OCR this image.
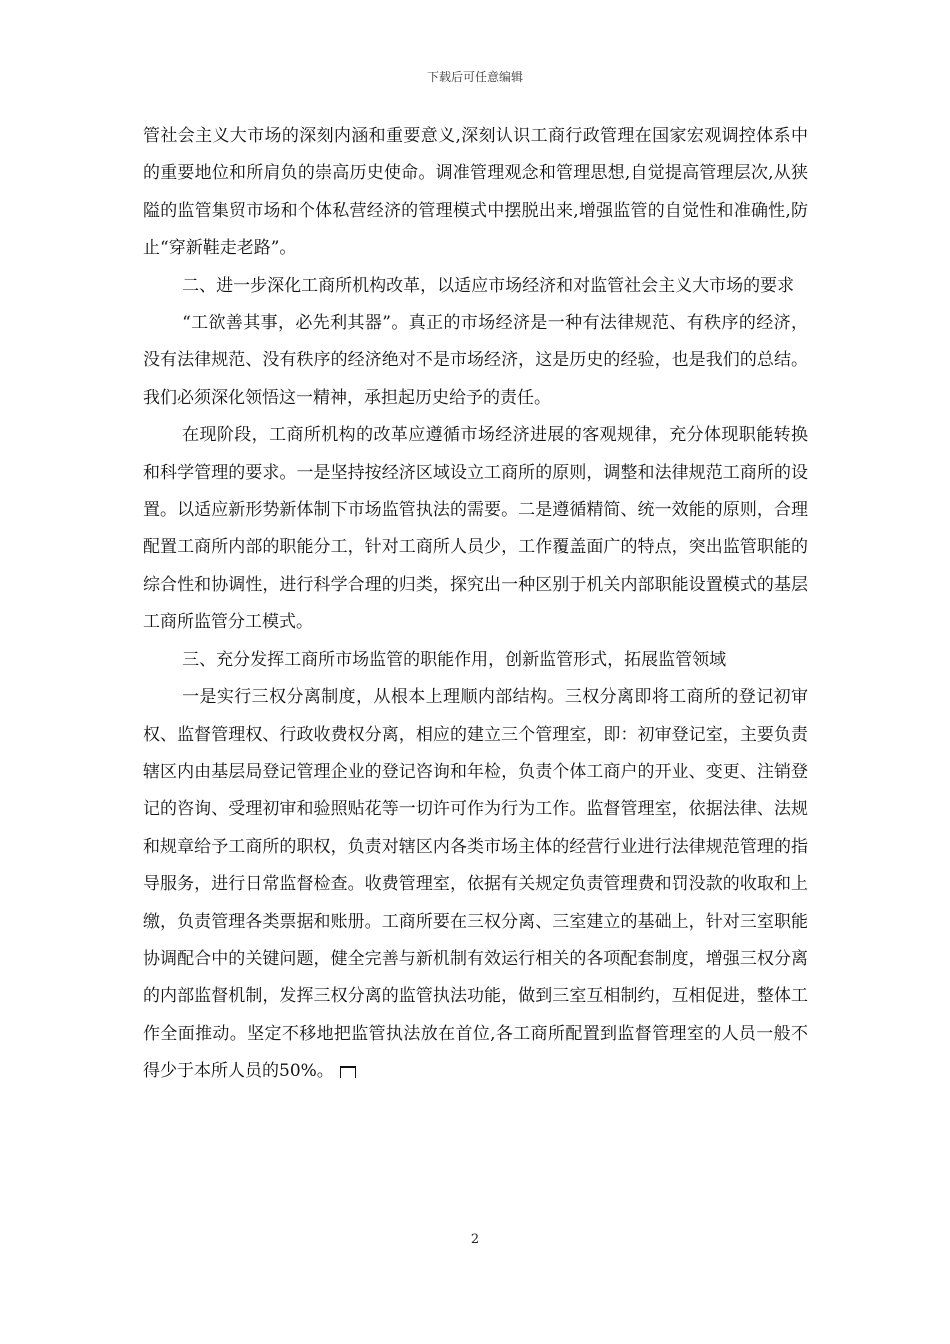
下载后可任意编辑

管社会主义大市场的深刻内涵和重要意义,深刻认识工商行政管理在国家宏观调控体系中的重要地位和所肩负的崇高历史使命。调准管理观念和管理思想,自觉提高管理层次,从狭隘的监管集贸市场和个体私营经济的管理模式中摆脱出来,增强监管的自觉性和准确性,防止“穿新鞋走老路”。

二、进一步深化工商所机构改革，以适应市场经济和对监管社会主义大市场的要求

“工欲善其事，必先利其器”。真正的市场经济是一种有法律规范、有秩序的经济，没有法律规范、没有秩序的经济绝对不是市场经济，这是历史的经验，也是我们的总结。我们必须深化领悟这一精神，承担起历史给予的责任。

在现阶段，工商所机构的改革应遵循市场经济进展的客观规律，充分体现职能转换和科学管理的要求。一是坚持按经济区域设立工商所的原则，调整和法律规范工商所的设置。以适应新形势新体制下市场监管执法的需要。二是遵循精简、统一效能的原则，合理配置工商所内部的职能分工，针对工商所人员少，工作覆盖面广的特点，突出监管职能的综合性和协调性，进行科学合理的归类，探究出一种区别于机关内部职能设置模式的基层工商所监管分工模式。

三、充分发挥工商所市场监管的职能作用，创新监管形式，拓展监管领域

一是实行三权分离制度，从根本上理顺内部结构。三权分离即将工商所的登记初审权、监督管理权、行政收费权分离，相应的建立三个管理室，即：初审登记室，主要负责辖区内由基层局登记管理企业的登记咨询和年检，负责个体工商户的开业、变更、注销登记的咨询、受理初审和验照贴花等一切许可作为行为工作。监督管理室，依据法律、法规和规章给予工商所的职权，负责对辖区内各类市场主体的经营行业进行法律规范管理的指导服务，进行日常监督检查。收费管理室，依据有关规定负责管理费和罚没款的收取和上缴，负责管理各类票据和账册。工商所要在三权分离、三室建立的基础上，针对三室职能协调配合中的关键问题，健全完善与新机制有效运行相关的各项配套制度，增强三权分离的内部监督机制，发挥三权分离的监管执法功能，做到三室互相制约，互相促进，整体工作全面推动。坚定不移地把监管执法放在首位,各工商所配置到监督管理室的人员一般不得少于本所人员的50%。

2
